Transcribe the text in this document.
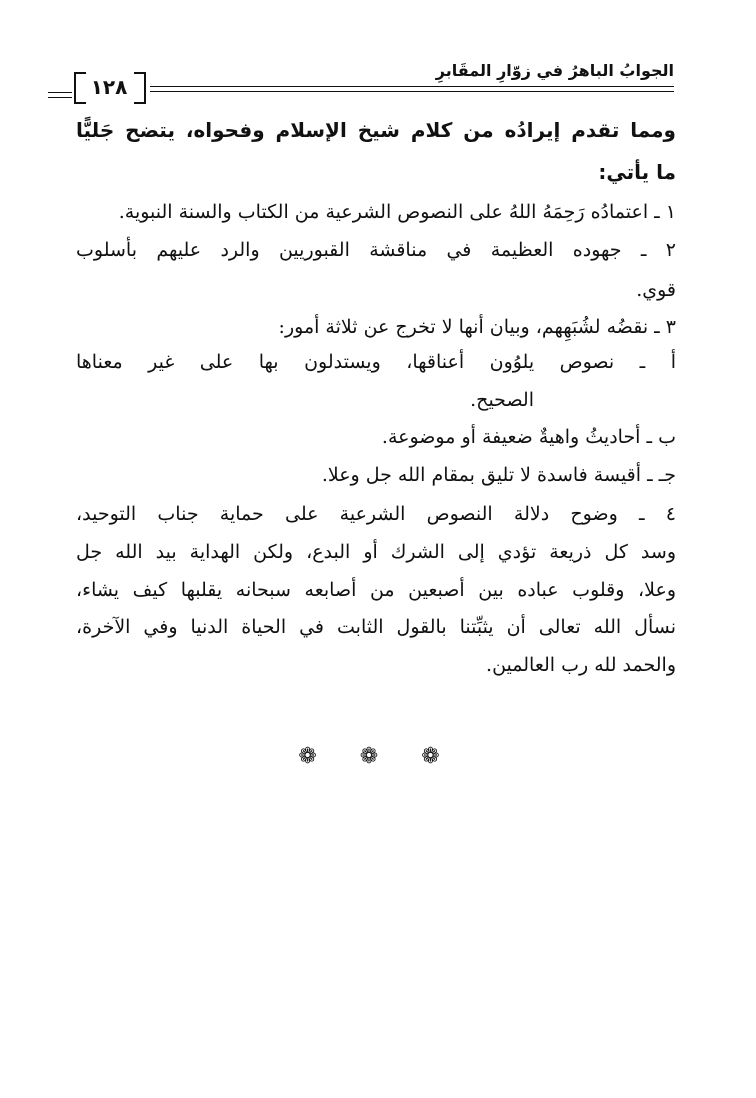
١٢٨
الجوابُ الباهرُ في زوّارِ المقَابرِ
ومما تقدم إيرادُه من كلام شيخ الإسلام وفحواه، يتضح جَليًّا
ما يأتي:
١ ـ اعتمادُه رَحِمَهُ اللهُ على النصوص الشرعية من الكتاب والسنة النبوية.
٢ ـ جهوده العظيمة في مناقشة القبوريين والرد عليهم بأسلوب
قوي.
٣ ـ نقضُه لشُبَهِهم، وبيان أنها لا تخرج عن ثلاثة أمور:
أ ـ نصوص يلوُون أعناقها، ويستدلون بها على غير معناها
الصحيح.
ب ـ أحاديثُ واهيةٌ ضعيفة أو موضوعة.
جـ ـ أقيسة فاسدة لا تليق بمقام الله جل وعلا.
٤ ـ وضوح دلالة النصوص الشرعية على حماية جناب التوحيد،
وسد كل ذريعة تؤدي إلى الشرك أو البدع، ولكن الهداية بيد الله جل
وعلا، وقلوب عباده بين أصبعين من أصابعه سبحانه يقلبها كيف يشاء،
نسأل الله تعالى أن يثبِّتنا بالقول الثابت في الحياة الدنيا وفي الآخرة،
والحمد لله رب العالمين.
❁ ❁ ❁
